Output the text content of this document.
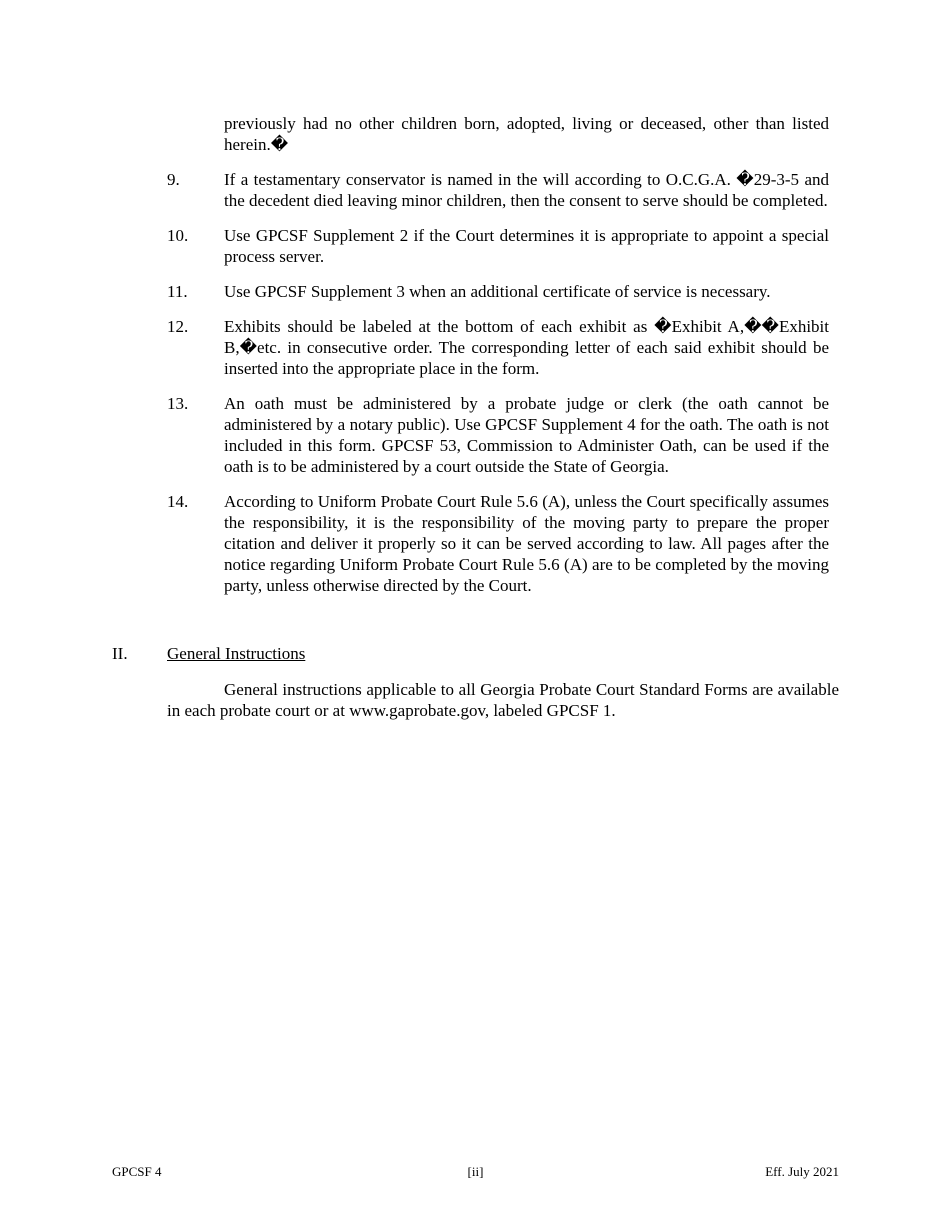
previously had no other children born, adopted, living or deceased, other than listed herein.�
9.	If a testamentary conservator is named in the will according to O.C.G.A. �29-3-5 and the decedent died leaving minor children, then the consent to serve should be completed.
10.	Use GPCSF Supplement 2 if the Court determines it is appropriate to appoint a special process server.
11.	Use GPCSF Supplement 3 when an additional certificate of service is necessary.
12.	Exhibits should be labeled at the bottom of each exhibit as �Exhibit A,��Exhibit B,�etc. in consecutive order. The corresponding letter of each said exhibit should be inserted into the appropriate place in the form.
13.	An oath must be administered by a probate judge or clerk (the oath cannot be administered by a notary public). Use GPCSF Supplement 4 for the oath. The oath is not included in this form. GPCSF 53, Commission to Administer Oath, can be used if the oath is to be administered by a court outside the State of Georgia.
14.	According to Uniform Probate Court Rule 5.6 (A), unless the Court specifically assumes the responsibility, it is the responsibility of the moving party to prepare the proper citation and deliver it properly so it can be served according to law. All pages after the notice regarding Uniform Probate Court Rule 5.6 (A) are to be completed by the moving party, unless otherwise directed by the Court.
II.	General Instructions
General instructions applicable to all Georgia Probate Court Standard Forms are available in each probate court or at www.gaprobate.gov, labeled GPCSF 1.
GPCSF 4	[ii]	Eff. July 2021
